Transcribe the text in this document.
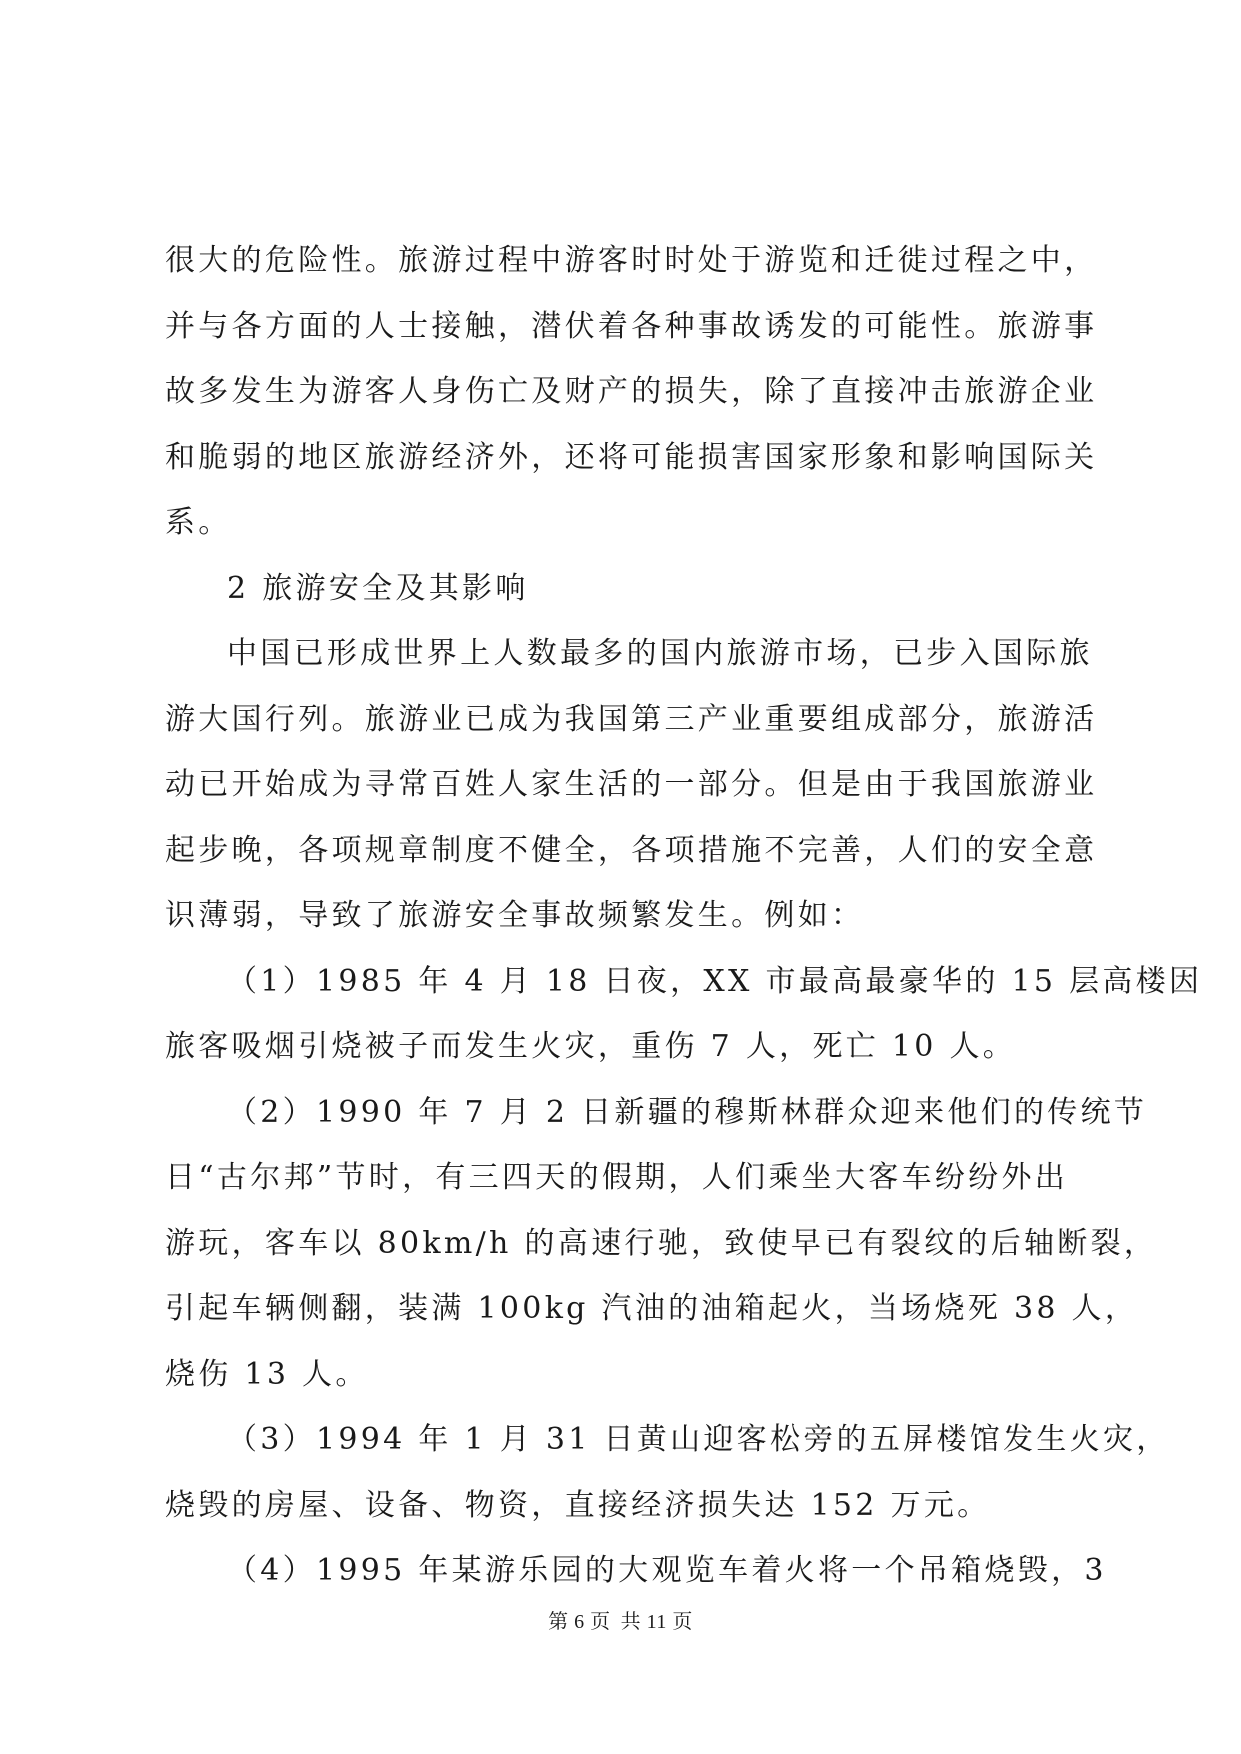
很大的危险性。旅游过程中游客时时处于游览和迁徙过程之中，
并与各方面的人士接触，潜伏着各种事故诱发的可能性。旅游事
故多发生为游客人身伤亡及财产的损失，除了直接冲击旅游企业
和脆弱的地区旅游经济外，还将可能损害国家形象和影响国际关
系。
2 旅游安全及其影响
中国已形成世界上人数最多的国内旅游市场，已步入国际旅
游大国行列。旅游业已成为我国第三产业重要组成部分，旅游活
动已开始成为寻常百姓人家生活的一部分。但是由于我国旅游业
起步晚，各项规章制度不健全，各项措施不完善，人们的安全意
识薄弱，导致了旅游安全事故频繁发生。例如：
（1）1985 年 4 月 18 日夜，XX 市最高最豪华的 15 层高楼因
旅客吸烟引烧被子而发生火灾，重伤 7 人，死亡 10 人。
（2）1990 年 7 月 2 日新疆的穆斯林群众迎来他们的传统节
日“古尔邦”节时，有三四天的假期，人们乘坐大客车纷纷外出
游玩，客车以 80km/h 的高速行驰，致使早已有裂纹的后轴断裂，
引起车辆侧翻，装满 100kg 汽油的油箱起火，当场烧死 38 人，
烧伤 13 人。
（3）1994 年 1 月 31 日黄山迎客松旁的五屏楼馆发生火灾，
烧毁的房屋、设备、物资，直接经济损失达 152 万元。
（4）1995 年某游乐园的大观览车着火将一个吊箱烧毁，3
第 6 页 共 11 页
